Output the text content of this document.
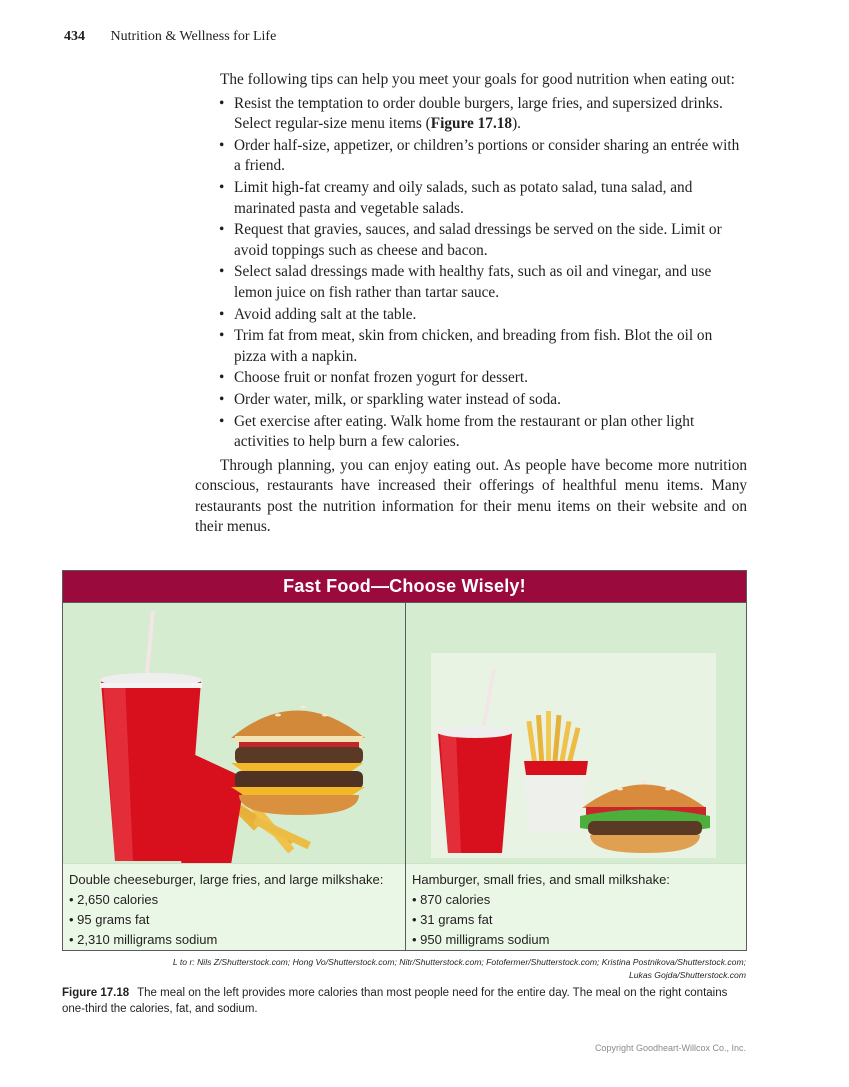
434 Nutrition & Wellness for Life

The following tips can help you meet your goals for good nutrition when eating out:

• Resist the temptation to order double burgers, large fries, and supersized drinks. Select regular-size menu items (Figure 17.18).
• Order half-size, appetizer, or children’s portions or consider sharing an entrée with a friend.
• Limit high-fat creamy and oily salads, such as potato salad, tuna salad, and marinated pasta and vegetable salads.
• Request that gravies, sauces, and salad dressings be served on the side. Limit or avoid toppings such as cheese and bacon.
• Select salad dressings made with healthy fats, such as oil and vinegar, and use lemon juice on fish rather than tartar sauce.
• Avoid adding salt at the table.
• Trim fat from meat, skin from chicken, and breading from fish. Blot the oil on pizza with a napkin.
• Choose fruit or nonfat frozen yogurt for dessert.
• Order water, milk, or sparkling water instead of soda.
• Get exercise after eating. Walk home from the restaurant or plan other light activities to help burn a few calories.

Through planning, you can enjoy eating out. As people have become more nutrition conscious, restaurants have increased their offerings of healthful menu items. Many restaurants post the nutrition information for their menu items on their website and on their menus.

Fast Food—Choose Wisely!
Double cheeseburger, large fries, and large milkshake:
• 2,650 calories
• 95 grams fat
• 2,310 milligrams sodium
Hamburger, small fries, and small milkshake:
• 870 calories
• 31 grams fat
• 950 milligrams sodium
L to r: Nils Z/Shutterstock.com; Hong Vo/Shutterstock.com; Nitr/Shutterstock.com; Fotofermer/Shutterstock.com; Kristina Postnikova/Shutterstock.com;
Lukas Gojda/Shutterstock.com
Figure 17.18 The meal on the left provides more calories than most people need for the entire day. The meal on the right contains one-third the calories, fat, and sodium.
Copyright Goodheart-Willcox Co., Inc.
